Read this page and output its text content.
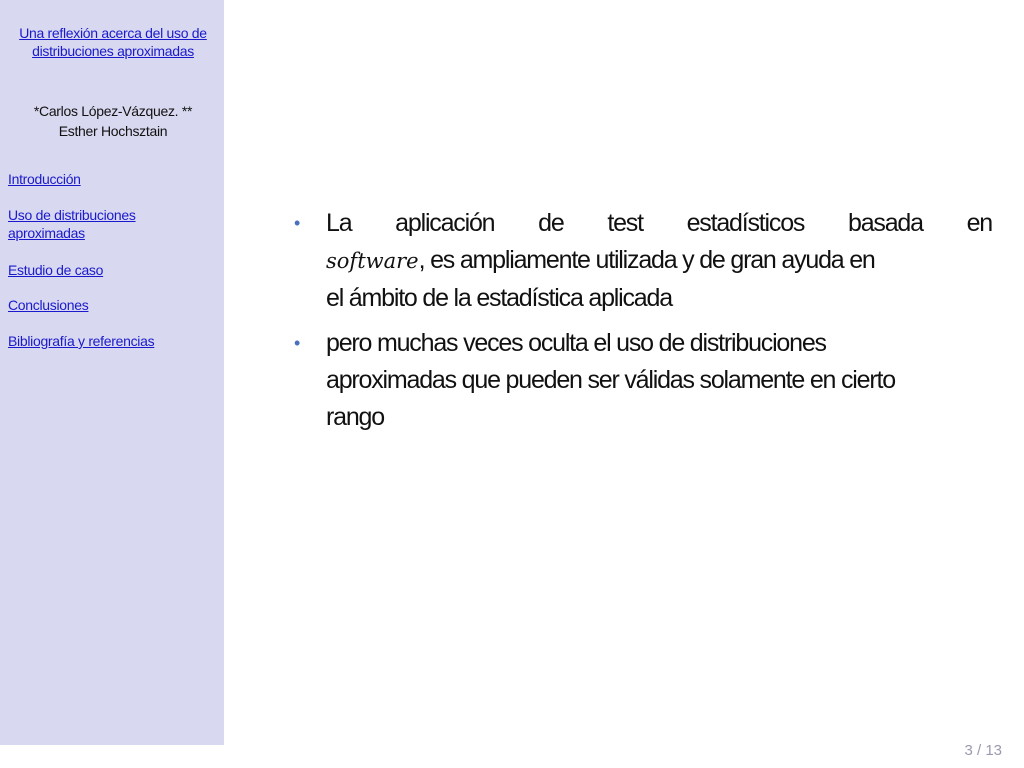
Una reflexión acerca del uso de distribuciones aproximadas
*Carlos López-Vázquez. **
Esther Hochsztain
Introducción
Uso de distribuciones aproximadas
Estudio de caso
Conclusiones
Bibliografía y referencias
• La aplicación de test estadísticos basada en
software, es ampliamente utilizada y de gran ayuda en
el ámbito de la estadística aplicada
• pero muchas veces oculta el uso de distribuciones
aproximadas que pueden ser válidas solamente en cierto
rango
3 / 13
